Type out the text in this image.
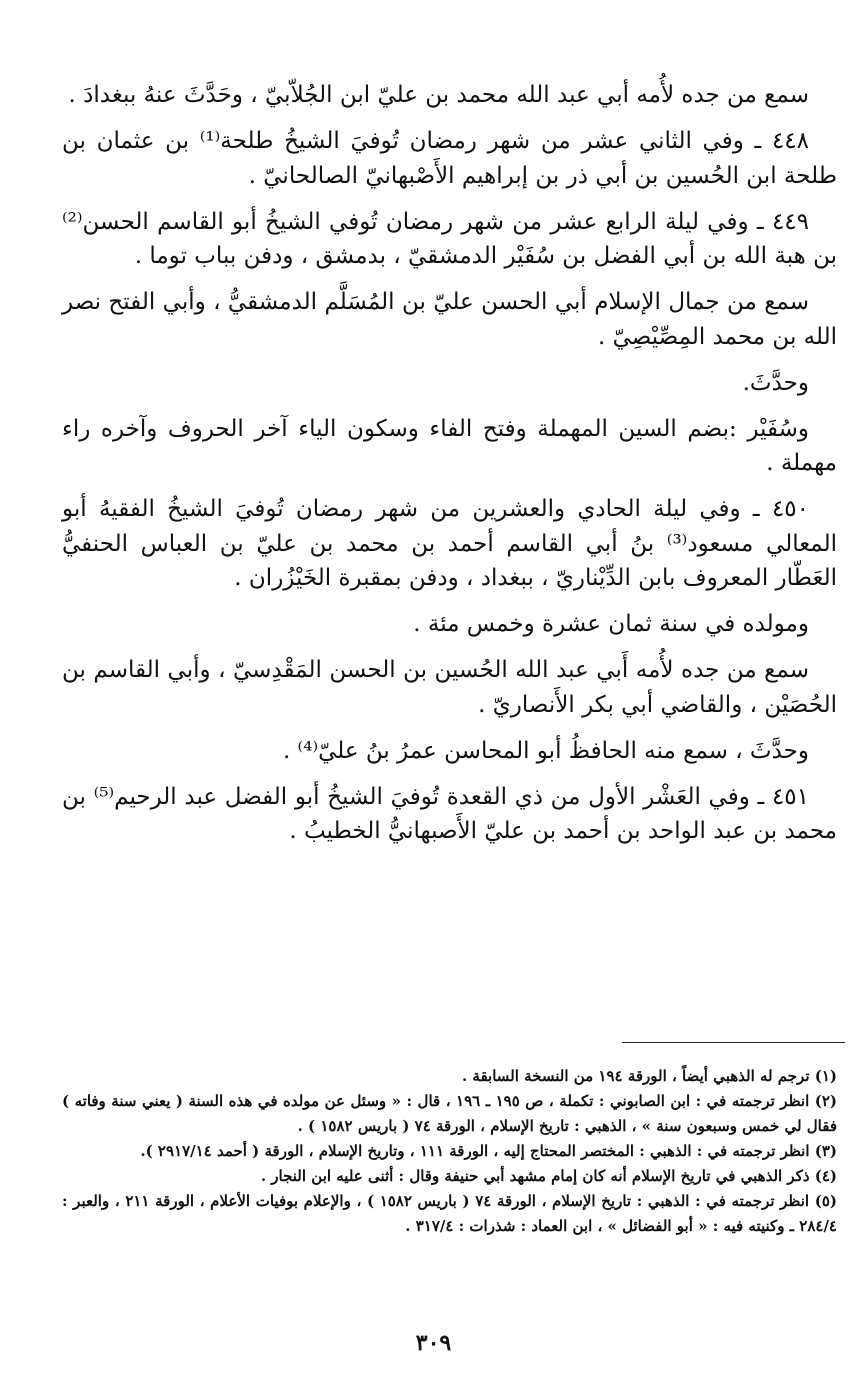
سمع من جده لأُمه أبي عبد الله محمد بن عليّ ابن الجُلاّبيّ ، وحَدَّثَ عنهُ ببغدادَ .

٤٤٨ ـ وفي الثاني عشر من شهر رمضان تُوفيَ الشيخُ طلحة⁽¹⁾ بن عثمان بن طلحة ابن الحُسين بن أبي ذر بن إبراهيم الأَصْبهانيّ الصالحانيّ .

٤٤٩ ـ وفي ليلة الرابع عشر من شهر رمضان تُوفي الشيخُ أبو القاسم الحسن⁽²⁾ بن هبة الله بن أبي الفضل بن سُفَيْر الدمشقيّ ، بدمشق ، ودفن بباب توما .

سمع من جمال الإسلام أبي الحسن عليّ بن المُسَلَّم الدمشقيُّ ، وأبي الفتح نصر الله بن محمد المِصِّيْصِيّ .

وحدَّثَ.

وسُفَيْر :بضم السين المهملة وفتح الفاء وسكون الياء آخر الحروف وآخره راء مهملة .

٤٥٠ ـ وفي ليلة الحادي والعشرين من شهر رمضان تُوفيَ الشيخُ الفقيهُ أبو المعالي مسعود⁽³⁾ بنُ أبي القاسم أحمد بن محمد بن عليّ بن العباس الحنفيُّ العَطّار المعروف بابن الدِّيْناريّ ، ببغداد ، ودفن بمقبرة الخَيْزُران .

ومولده في سنة ثمان عشرة وخمس مئة .

سمع من جده لأُمه أَبي عبد الله الحُسين بن الحسن المَقْدِسيّ ، وأبي القاسم بن الحُصَيْن ، والقاضي أبي بكر الأَنصاريّ .

وحدَّثَ ، سمع منه الحافظُ أبو المحاسن عمرُ بنُ عليّ⁽⁴⁾ .

٤٥١ ـ وفي العَشْر الأول من ذي القعدة تُوفيَ الشيخُ أبو الفضل عبد الرحيم⁽⁵⁾ بن محمد بن عبد الواحد بن أحمد بن عليّ الأَصبهانيُّ الخطيبُ .

(١) ترجم له الذهبي أيضاً ، الورقة ١٩٤ من النسخة السابقة .

(٢) انظر ترجمته في : ابن الصابوني : تكملة ، ص ١٩٥ ـ ١٩٦ ، قال : « وسئل عن مولده في هذه السنة ( يعني سنة وفاته ) فقال لي خمس وسبعون سنة » ، الذهبي : تاريخ الإسلام ، الورقة ٧٤ ( باريس ١٥٨٢ ) .

(٣) انظر ترجمته في : الذهبي : المختصر المحتاج إليه ، الورقة ١١١ ، وتاريخ الإسلام ، الورقة ( أحمد ٢٩١٧/١٤ ).

(٤) ذكر الذهبي في تاريخ الإسلام أنه كان إمام مشهد أبي حنيفة وقال : أثنى عليه ابن النجار .

(٥) انظر ترجمته في : الذهبي : تاريخ الإسلام ، الورقة ٧٤ ( باريس ١٥٨٢ ) ، والإعلام بوفيات الأعلام ، الورقة ٢١١ ، والعبر : ٢٨٤/٤ ـ وكنيته فيه : « أبو الفضائل » ، ابن العماد : شذرات : ٣١٧/٤ .

٣٠٩
